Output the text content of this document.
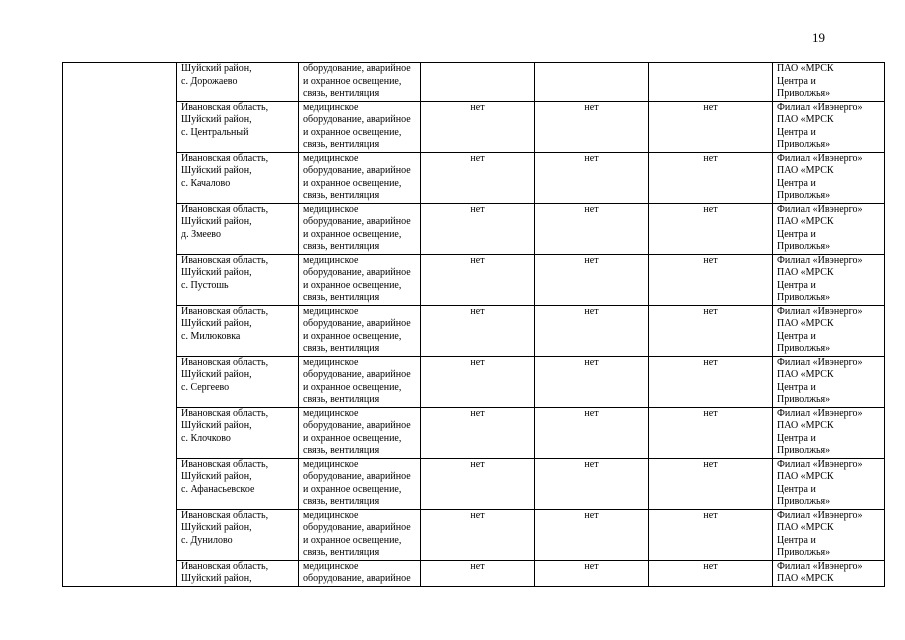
19

	Шуйский район,
с. Дорожаево	оборудование, аварийное
и охранное освещение,
связь, вентиляция				ПАО «МРСК
Центра и
Приволжья»

	Ивановская область,
Шуйский район,
с. Центральный	медицинское
оборудование, аварийное
и охранное освещение,
связь, вентиляция	нет	нет	нет	Филиал «Ивэнерго»
ПАО «МРСК
Центра и
Приволжья»

	Ивановская область,
Шуйский район,
с. Качалово	медицинское
оборудование, аварийное
и охранное освещение,
связь, вентиляция	нет	нет	нет	Филиал «Ивэнерго»
ПАО «МРСК
Центра и
Приволжья»

	Ивановская область,
Шуйский район,
д. Змеево	медицинское
оборудование, аварийное
и охранное освещение,
связь, вентиляция	нет	нет	нет	Филиал «Ивэнерго»
ПАО «МРСК
Центра и
Приволжья»

	Ивановская область,
Шуйский район,
с. Пустошь	медицинское
оборудование, аварийное
и охранное освещение,
связь, вентиляция	нет	нет	нет	Филиал «Ивэнерго»
ПАО «МРСК
Центра и
Приволжья»

	Ивановская область,
Шуйский район,
с. Милюковка	медицинское
оборудование, аварийное
и охранное освещение,
связь, вентиляция	нет	нет	нет	Филиал «Ивэнерго»
ПАО «МРСК
Центра и
Приволжья»

	Ивановская область,
Шуйский район,
с. Сергеево	медицинское
оборудование, аварийное
и охранное освещение,
связь, вентиляция	нет	нет	нет	Филиал «Ивэнерго»
ПАО «МРСК
Центра и
Приволжья»

	Ивановская область,
Шуйский район,
с. Клочково	медицинское
оборудование, аварийное
и охранное освещение,
связь, вентиляция	нет	нет	нет	Филиал «Ивэнерго»
ПАО «МРСК
Центра и
Приволжья»

	Ивановская область,
Шуйский район,
с. Афанасьевское	медицинское
оборудование, аварийное
и охранное освещение,
связь, вентиляция	нет	нет	нет	Филиал «Ивэнерго»
ПАО «МРСК
Центра и
Приволжья»

	Ивановская область,
Шуйский район,
с. Дунилово	медицинское
оборудование, аварийное
и охранное освещение,
связь, вентиляция	нет	нет	нет	Филиал «Ивэнерго»
ПАО «МРСК
Центра и
Приволжья»

	Ивановская область,
Шуйский район,	медицинское
оборудование, аварийное	нет	нет	нет	Филиал «Ивэнерго»
ПАО «МРСК
